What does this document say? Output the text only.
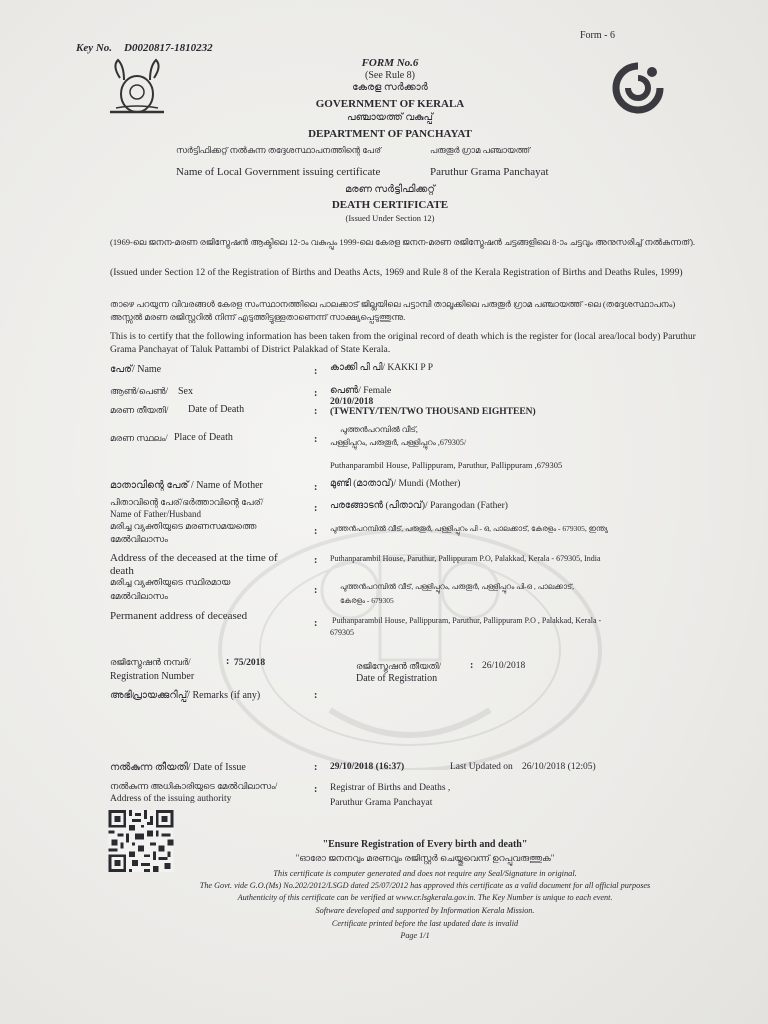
Form - 6
Key No. D0020817-1810232
FORM No.6
(See Rule 8)
കേരള സർക്കാർ
GOVERNMENT OF KERALA
പഞ്ചായത്ത് വകുപ്പ്
DEPARTMENT OF PANCHAYAT
സർട്ടിഫിക്കറ്റ് നൽകുന്ന തദ്ദേശസ്ഥാപനത്തിന്റെ പേര്	പരുതൂർ ഗ്രാമ പഞ്ചായത്ത്
Name of Local Government issuing certificate	Paruthur Grama Panchayat
മരണ സർട്ടിഫിക്കറ്റ്
DEATH CERTIFICATE
(Issued Under Section 12)
(1969-ലെ ജനന-മരണ രജിസ്ട്രേഷൻ ആക്ടിലെ 12-ാം വകുപ്പും 1999-ലെ കേരള ജനന-മരണ രജിസ്ട്രേഷൻ ചട്ടങ്ങളിലെ 8-ാം ചട്ടവും അനുസരിച്ച് നൽകുന്നത്).
(Issued under Section 12 of the Registration of Births and Deaths Acts, 1969 and Rule 8 of the Kerala Registration of Births and Deaths Rules, 1999)
താഴെ പറയുന്ന വിവരങ്ങൾ കേരള സംസ്ഥാനത്തിലെ പാലക്കാട് ജില്ലയിലെ പട്ടാമ്പി താലൂക്കിലെ പരുതൂർ ഗ്രാമ പഞ്ചായത്ത് -ലെ (തദ്ദേശസ്ഥാപനം) അസ്സൽ മരണ രജിസ്റ്ററിൽ നിന്ന് എടുത്തിട്ടുള്ളതാണെന്ന് സാക്ഷ്യപ്പെടുത്തുന്നു.
This is to certify that the following information has been taken from the original record of death which is the register for (local area/local body) Paruthur Grama Panchayat of Taluk Pattambi of District Palakkad of State Kerala.
പേര്/ Name	: കാക്കി പി പി/ KAKKI P P
ആൺ/പെൺ/ Sex	: പെൺ/ Female
മരണ തീയതി/ Date of Death	:
20/10/2018
(TWENTY/TEN/TWO THOUSAND EIGHTEEN)
മരണ സ്ഥലം/ Place of Death	:
പുത്തൻപറമ്പിൽ വീട്,
പള്ളിപ്പുറം, പരുതൂർ, പള്ളിപ്പുറം ,679305/
Puthanparambil House, Pallippuram, Paruthur, Pallippuram ,679305
മാതാവിന്റെ പേര് / Name of Mother	: മുണ്ടി (മാതാവ്)/ Mundi (Mother)
പിതാവിന്റെ പേര്/ഭർത്താവിന്റെ പേര്/
Name of Father/Husband	: പരങ്ങോടൻ (പിതാവ്)/ Parangodan (Father)
മരിച്ച വ്യക്തിയുടെ മരണസമയത്തെ
മേൽവിലാസം
: പുത്തൻപറമ്പിൽ വീട്, പരുതൂർ, പള്ളിപ്പുറം പി - ഒ, പാലക്കാട്, കേരളം - 679305, ഇന്ത്യ
Address of the deceased at the time of
death
: Puthanparambil House, Paruthur, Pallippuram P.O, Palakkad, Kerala - 679305, India
മരിച്ച വ്യക്തിയുടെ സ്ഥിരമായ
മേൽവിലാസം	:	പുത്തൻപറമ്പിൽ വീട്, പള്ളിപ്പുറം, പരുതൂർ, പള്ളിപ്പുറം പി-ഒ , പാലക്കാട്,
കേരളം - 679305
Permanent address of deceased
: Puthanparambil House, Pallippuram, Paruthur, Pallippuram P.O , Palakkad, Kerala -
679305
രജിസ്ട്രേഷൻ നമ്പർ/	: 75/2018
Registration Number
രജിസ്ട്രേഷൻ തീയതി/	: 26/10/2018
Date of Registration
അഭിപ്രായക്കുറിപ്പ്/ Remarks (if any)	:
നൽകുന്ന തീയതി/ Date of Issue	: 29/10/2018 (16:37)	Last Updated on 26/10/2018 (12:05)
നൽകുന്ന അധികാരിയുടെ മേൽവിലാസം/
Address of the issuing authority
: Registrar of Births and Deaths ,
Paruthur Grama Panchayat
"Ensure Registration of Every birth and death"
"ഓരോ ജനനവും മരണവും രജിസ്റ്റർ ചെയ്തുവെന്ന് ഉറപ്പുവരുത്തുക"
This certificate is computer generated and does not require any Seal/Signature in original.
The Govt. vide G.O.(Ms) No.202/2012/LSGD dated 25/07/2012 has approved this certificate as a valid document for all official purposes
Authenticity of this certificate can be verified at www.cr.lsgkerala.gov.in. The Key Number is unique to each event.
Software developed and supported by Information Kerala Mission.
Certificate printed before the last updated date is invalid
Page 1/1
